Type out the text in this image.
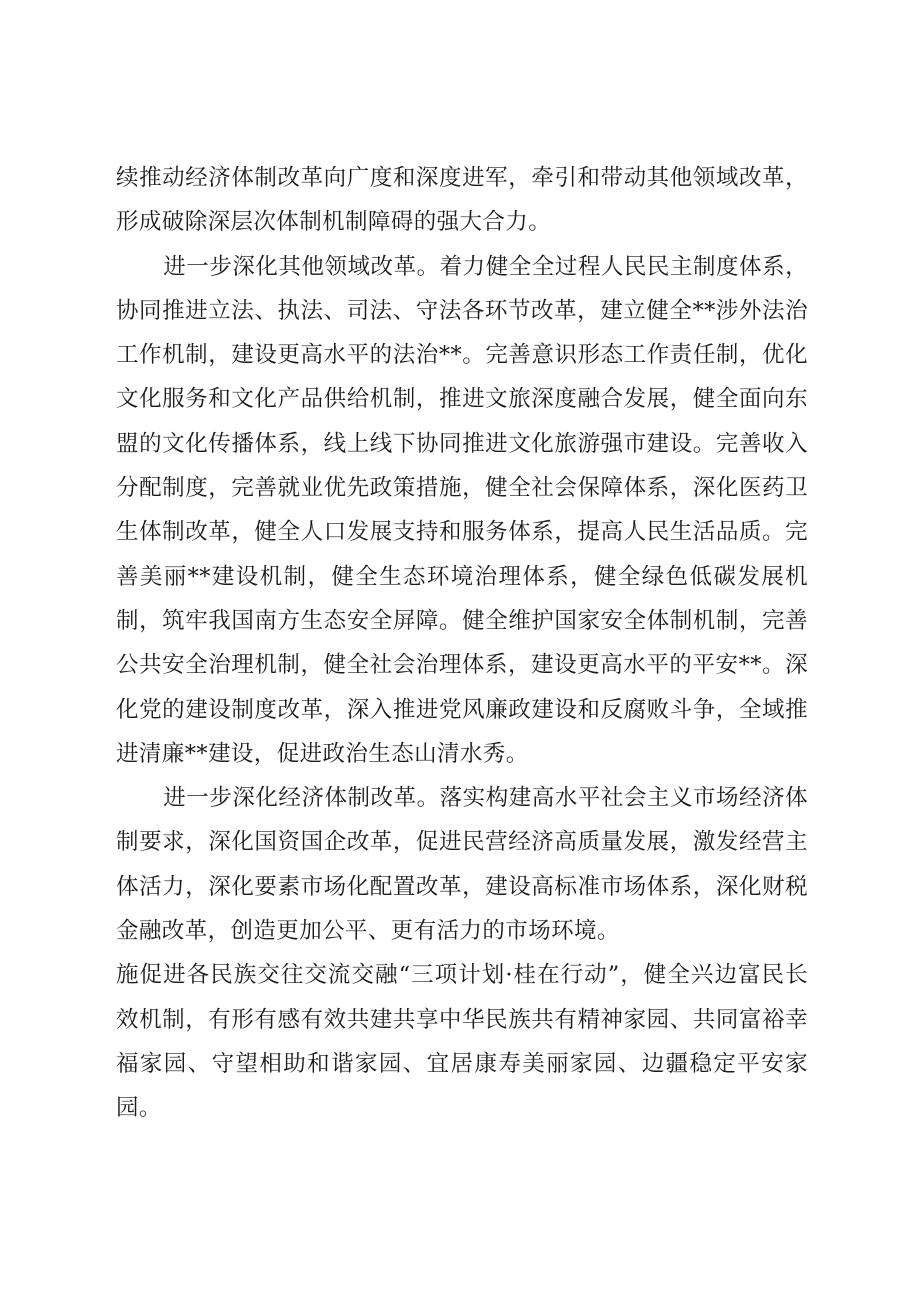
续推动经济体制改革向广度和深度进军，牵引和带动其他领域改革，形成破除深层次体制机制障碍的强大合力。

进一步深化其他领域改革。着力健全全过程人民民主制度体系，协同推进立法、执法、司法、守法各环节改革，建立健全**涉外法治工作机制，建设更高水平的法治**。完善意识形态工作责任制，优化文化服务和文化产品供给机制，推进文旅深度融合发展，健全面向东盟的文化传播体系，线上线下协同推进文化旅游强市建设。完善收入分配制度，完善就业优先政策措施，健全社会保障体系，深化医药卫生体制改革，健全人口发展支持和服务体系，提高人民生活品质。完善美丽**建设机制，健全生态环境治理体系，健全绿色低碳发展机制，筑牢我国南方生态安全屏障。健全维护国家安全体制机制，完善公共安全治理机制，健全社会治理体系，建设更高水平的平安**。深化党的建设制度改革，深入推进党风廉政建设和反腐败斗争，全域推进清廉**建设，促进政治生态山清水秀。

进一步深化经济体制改革。落实构建高水平社会主义市场经济体制要求，深化国资国企改革，促进民营经济高质量发展，激发经营主体活力，深化要素市场化配置改革，建设高标准市场体系，深化财税金融改革，创造更加公平、更有活力的市场环境。

施促进各民族交往交流交融“三项计划·桂在行动”，健全兴边富民长效机制，有形有感有效共建共享中华民族共有精神家园、共同富裕幸福家园、守望相助和谐家园、宜居康寿美丽家园、边疆稳定平安家园。
